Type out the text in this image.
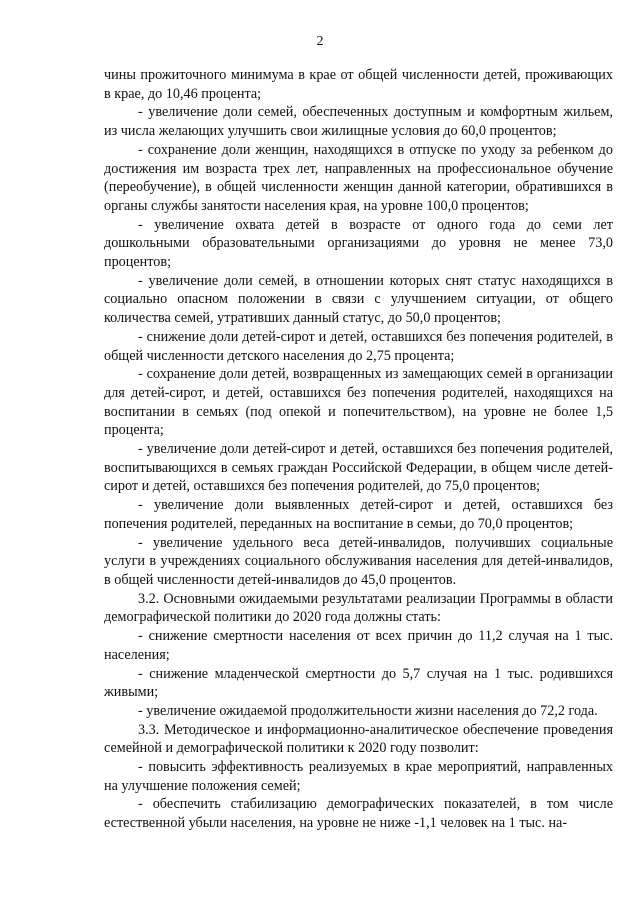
2

чины прожиточного минимума в крае от общей численности детей, проживающих в крае, до 10,46 процента;

- увеличение доли семей, обеспеченных доступным и комфортным жильем, из числа желающих улучшить свои жилищные условия до 60,0 процентов;

- сохранение доли женщин, находящихся в отпуске по уходу за ребенком до достижения им возраста трех лет, направленных на профессиональное обучение (переобучение), в общей численности женщин данной категории, обратившихся в органы службы занятости населения края, на уровне 100,0 процентов;

- увеличение охвата детей в возрасте от одного года до семи лет дошкольными образовательными организациями до уровня не менее 73,0 процентов;

- увеличение доли семей, в отношении которых снят статус находящихся в социально опасном положении в связи с улучшением ситуации, от общего количества семей, утративших данный статус, до 50,0 процентов;

- снижение доли детей-сирот и детей, оставшихся без попечения родителей, в общей численности детского населения до 2,75 процента;

- сохранение доли детей, возвращенных из замещающих семей в организации для детей-сирот, и детей, оставшихся без попечения родителей, находящихся на воспитании в семьях (под опекой и попечительством), на уровне не более 1,5 процента;

- увеличение доли детей-сирот и детей, оставшихся без попечения родителей, воспитывающихся в семьях граждан Российской Федерации, в общем числе детей-сирот и детей, оставшихся без попечения родителей, до 75,0 процентов;

- увеличение доли выявленных детей-сирот и детей, оставшихся без попечения родителей, переданных на воспитание в семьи, до 70,0 процентов;

- увеличение удельного веса детей-инвалидов, получивших социальные услуги в учреждениях социального обслуживания населения для детей-инвалидов, в общей численности детей-инвалидов до 45,0 процентов.

3.2. Основными ожидаемыми результатами реализации Программы в области демографической политики до 2020 года должны стать:

- снижение смертности населения от всех причин до 11,2 случая на 1 тыс. населения;

- снижение младенческой смертности до 5,7 случая на 1 тыс. родившихся живыми;

- увеличение ожидаемой продолжительности жизни населения до 72,2 года.

3.3. Методическое и информационно-аналитическое обеспечение проведения семейной и демографической политики к 2020 году позволит:

- повысить эффективность реализуемых в крае мероприятий, направленных на улучшение положения семей;

- обеспечить стабилизацию демографических показателей, в том числе естественной убыли населения, на уровне не ниже -1,1 человек на 1 тыс. на-
